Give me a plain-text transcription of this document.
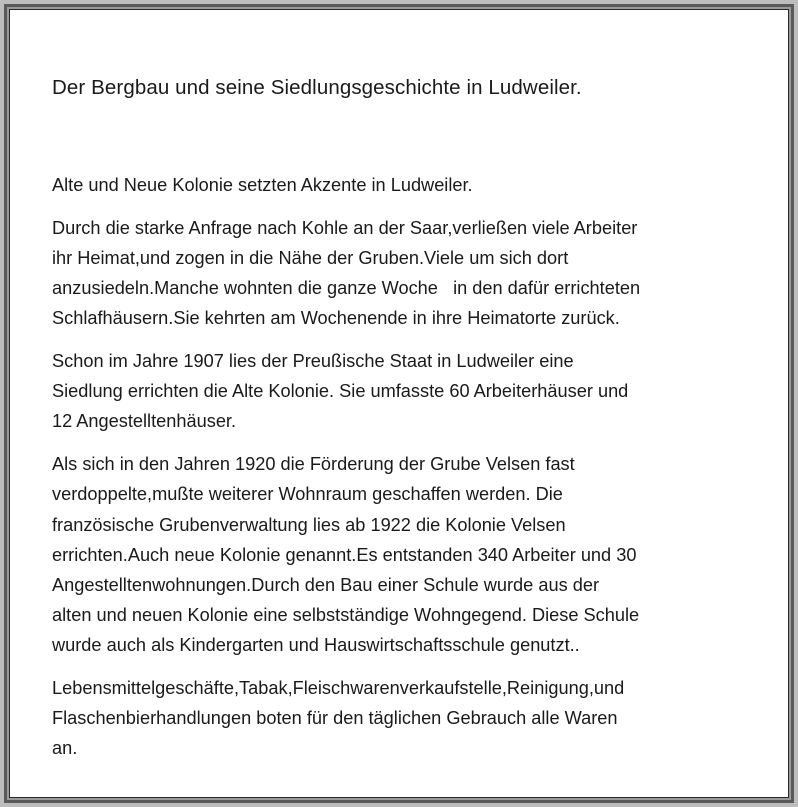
Der Bergbau und seine Siedlungsgeschichte in Ludweiler.

Alte und Neue Kolonie setzten Akzente in Ludweiler.

Durch die starke Anfrage nach Kohle an der Saar,verließen viele Arbeiter
ihr Heimat,und zogen in die Nähe der Gruben.Viele um sich dort
anzusiedeln.Manche wohnten die ganze Woche   in den dafür errichteten
Schlafhäusern.Sie kehrten am Wochenende in ihre Heimatorte zurück.

Schon im Jahre 1907 lies der Preußische Staat in Ludweiler eine
Siedlung errichten die Alte Kolonie. Sie umfasste 60 Arbeiterhäuser und
12 Angestelltenhäuser.

Als sich in den Jahren 1920 die Förderung der Grube Velsen fast
verdoppelte,mußte weiterer Wohnraum geschaffen werden. Die
französische Grubenverwaltung lies ab 1922 die Kolonie Velsen
errichten.Auch neue Kolonie genannt.Es entstanden 340 Arbeiter und 30
Angestelltenwohnungen.Durch den Bau einer Schule wurde aus der
alten und neuen Kolonie eine selbstständige Wohngegend. Diese Schule
wurde auch als Kindergarten und Hauswirtschaftsschule genutzt..

Lebensmittelgeschäfte,Tabak,Fleischwarenverkaufstelle,Reinigung,und
Flaschenbierhandlungen boten für den täglichen Gebrauch alle Waren
an.
